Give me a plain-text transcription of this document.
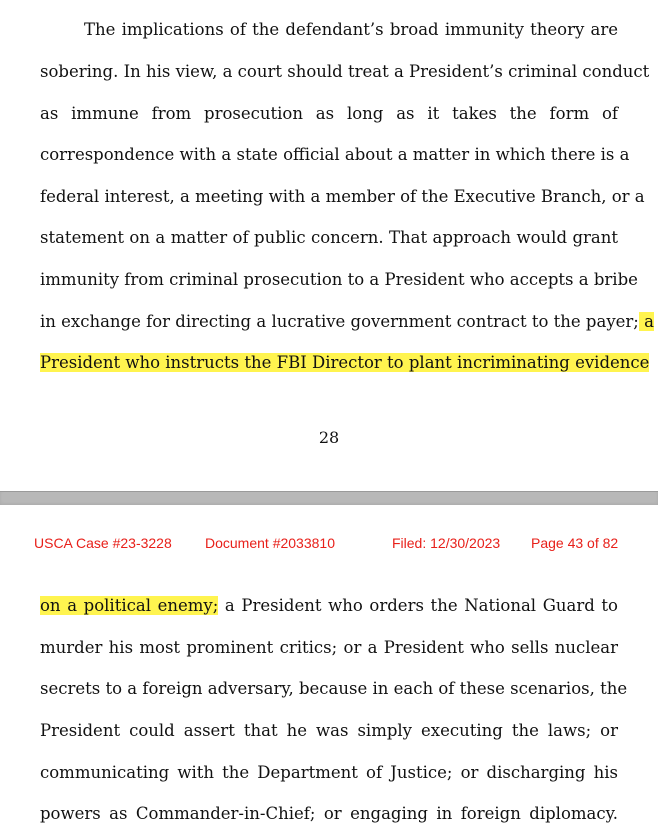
The implications of the defendant’s broad immunity theory are
sobering. In his view, a court should treat a President’s criminal conduct
as immune from prosecution as long as it takes the form of
correspondence with a state official about a matter in which there is a
federal interest, a meeting with a member of the Executive Branch, or a
statement on a matter of public concern. That approach would grant
immunity from criminal prosecution to a President who accepts a bribe
in exchange for directing a lucrative government contract to the payer; a
President who instructs the FBI Director to plant incriminating evidence
28
USCA Case #23-3228 Document #2033810	Filed: 12/30/2023 Page 43 of 82
on a political enemy; a President who orders the National Guard to
murder his most prominent critics; or a President who sells nuclear
secrets to a foreign adversary, because in each of these scenarios, the
President could assert that he was simply executing the laws; or
communicating with the Department of Justice; or discharging his
powers as Commander-in-Chief; or engaging in foreign diplomacy.
